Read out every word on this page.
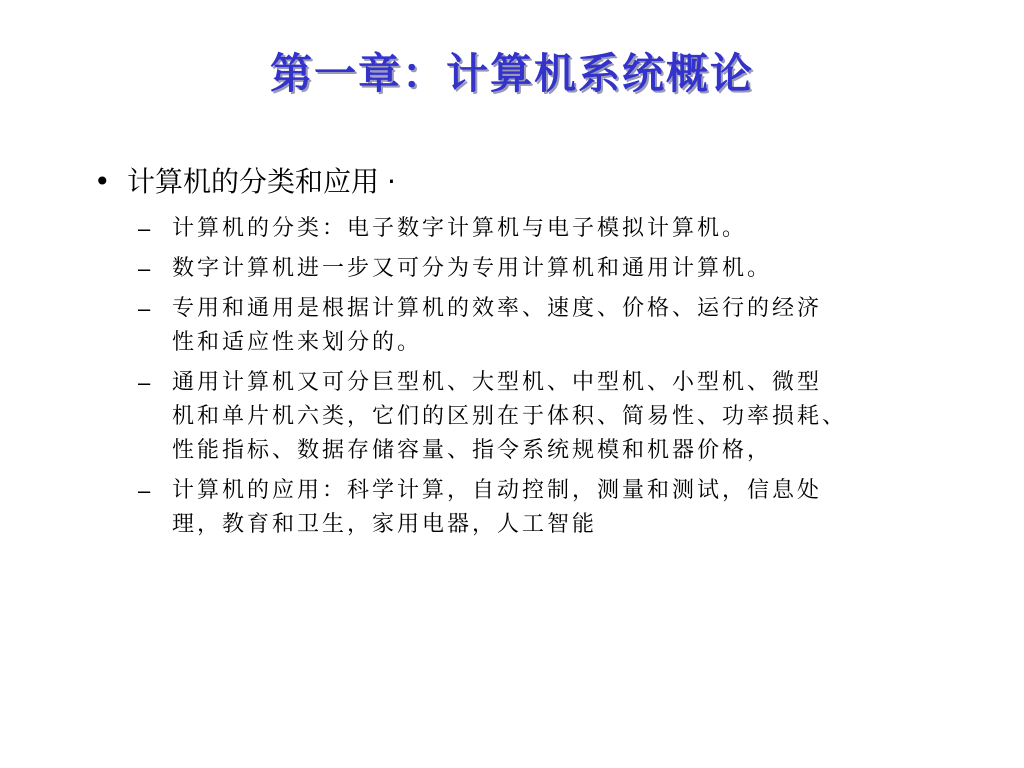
第一章：计算机系统概论
• 计算机的分类和应用 ·
– 计算机的分类：电子数字计算机与电子模拟计算机。
– 数字计算机进一步又可分为专用计算机和通用计算机。
– 专用和通用是根据计算机的效率、速度、价格、运行的经济
性和适应性来划分的。
– 通用计算机又可分巨型机、大型机、中型机、小型机、微型
机和单片机六类，它们的区别在于体积、简易性、功率损耗、
性能指标、数据存储容量、指令系统规模和机器价格，
– 计算机的应用：科学计算，自动控制，测量和测试，信息处
理，教育和卫生，家用电器，人工智能
